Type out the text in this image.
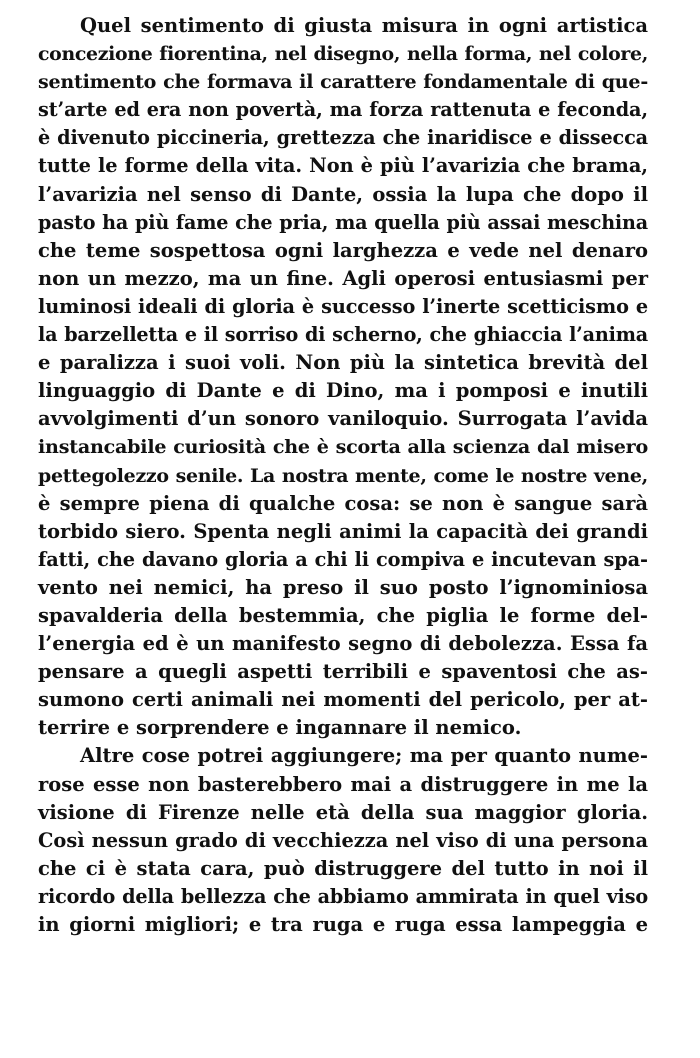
Quel sentimento di giusta misura in ogni artistica
concezione fiorentina, nel disegno, nella forma, nel colore,
sentimento che formava il carattere fondamentale di que-
st’arte ed era non povertà, ma forza rattenuta e feconda,
è divenuto piccineria, grettezza che inaridisce e dissecca
tutte le forme della vita. Non è più l’avarizia che brama,
l’avarizia nel senso di Dante, ossia la lupa che dopo il
pasto ha più fame che pria, ma quella più assai meschina
che teme sospettosa ogni larghezza e vede nel denaro
non un mezzo, ma un fine. Agli operosi entusiasmi per
luminosi ideali di gloria è successo l’inerte scetticismo e
la barzelletta e il sorriso di scherno, che ghiaccia l’anima
e paralizza i suoi voli. Non più la sintetica brevità del
linguaggio di Dante e di Dino, ma i pomposi e inutili
avvolgimenti d’un sonoro vaniloquio. Surrogata l’avida
instancabile curiosità che è scorta alla scienza dal misero
pettegolezzo senile. La nostra mente, come le nostre vene,
è sempre piena di qualche cosa: se non è sangue sarà
torbido siero. Spenta negli animi la capacità dei grandi
fatti, che davano gloria a chi li compiva e incutevan spa-
vento nei nemici, ha preso il suo posto l’ignominiosa
spavalderia della bestemmia, che piglia le forme del-
l’energia ed è un manifesto segno di debolezza. Essa fa
pensare a quegli aspetti terribili e spaventosi che as-
sumono certi animali nei momenti del pericolo, per at-
terrire e sorprendere e ingannare il nemico.
Altre cose potrei aggiungere; ma per quanto nume-
rose esse non basterebbero mai a distruggere in me la
visione di Firenze nelle età della sua maggior gloria.
Così nessun grado di vecchiezza nel viso di una persona
che ci è stata cara, può distruggere del tutto in noi il
ricordo della bellezza che abbiamo ammirata in quel viso
in giorni migliori; e tra ruga e ruga essa lampeggia e
